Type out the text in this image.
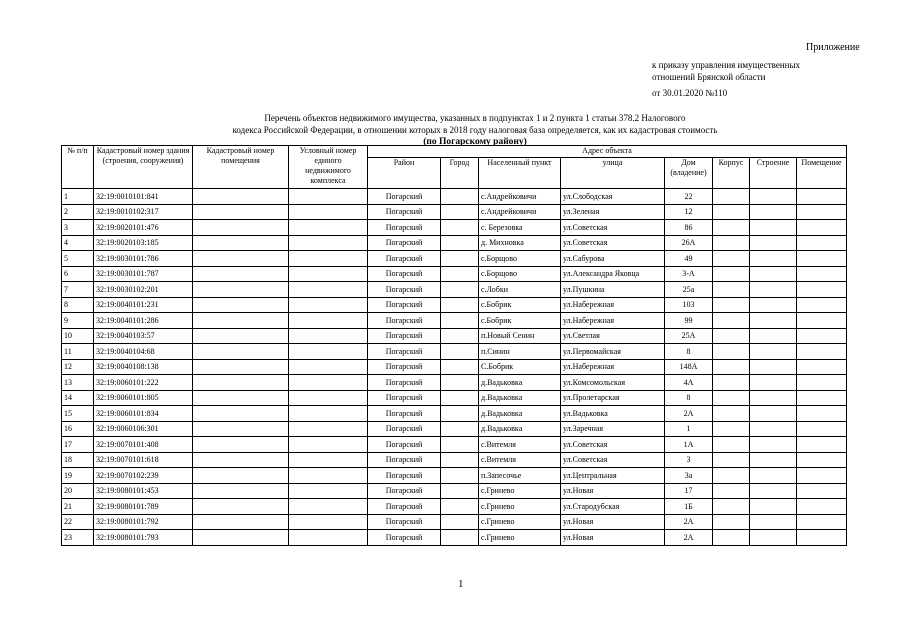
Приложение
к приказу управления имущественных
отношений Брянской области
от 30.01.2020 №110
Перечень объектов недвижимого имущества, указанных в подпунктах 1 и 2 пункта 1 статьи 378.2 Налогового
кодекса Российской Федерации, в отношении которых в 2018 году налоговая база определяется, как их кадастровая стоимость
(по Погарскому району)
№ п/п	Кадастровый номер здания (строения, сооружения)	Кадастровый номер помещения	Условный номер единого недвижимого комплекса	Адрес объекта							
				Район	Город	Населенный пункт	улица	Дом (владение)	Корпус	Строение	Помещение
1	32:19:0010101:841			Погарский		с.Андрейковичи	ул.Слободская	22			
2	32:19:0010102:317			Погарский		с.Андрейковичи	ул.Зеленая	12			
3	32:19:0020101:476			Погарский		с. Березовка	ул.Советская	86			
4	32:19:0020103:185			Погарский		д. Михновка	ул.Советская	26А			
5	32:19:0030101:786			Погарский		с.Борщово	ул.Сабурова	49			
6	32:19:0030101:787			Погарский		с.Борщово	ул.Александра Яковца	3-А			
7	32:19:0030102:201			Погарский		с.Лобки	ул.Пушкина	25а			
8	32:19:0040101:231			Погарский		с.Бобрик	ул.Набережная	103			
9	32:19:0040101:286			Погарский		с.Бобрик	ул.Набережная	99			
10	32:19:0040103:57			Погарский		п.Новый Сенин	ул.Светлая	25А			
11	32:19:0040104:68			Погарский		п.Синин	ул.Первомайская	8			
12	32:19:0040108:138			Погарский		С.Бобрик	ул.Набережная	148А			
13	32:19:0060101:222			Погарский		д.Вадьковка	ул.Комсомольская	4А			
14	32:19:0060101:805			Погарский		д.Вадьковка	ул.Пролетарская	8			
15	32:19:0060101:834			Погарский		д.Вадьковка	ул.Вадьковка	2А			
16	32:19:0060106:301			Погарский		д.Вадьковка	ул.Заречная	1			
17	32:19:0070101:408			Погарский		с.Витемля	ул.Советская	1А			
18	32:19:0070101:618			Погарский		с.Витемля	ул.Советская	3			
19	32:19:0070102:239			Погарский		п.Запесочье	ул.Центральная	3а			
20	32:19:0080101:453			Погарский		с.Гринево	ул.Новая	17			
21	32:19:0080101:789			Погарский		с.Гринево	ул.Стародубская	1Б			
22	32:19:0080101:792			Погарский		с.Гринево	ул.Новая	2А			
23	32:19:0080101:793			Погарский		с.Гринево	ул.Новая	2А			
1
